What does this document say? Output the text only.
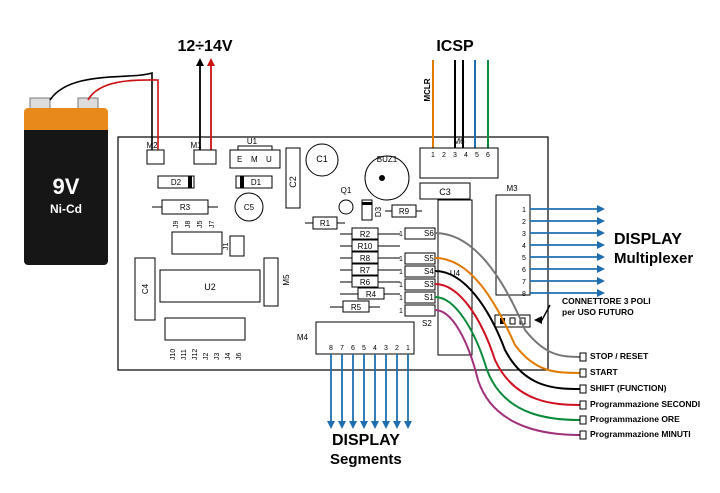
9V
Ni-Cd
12÷14V	ICSP
MCLR
M2	M1	U1
E M U
C2
C1	BUZ1
M6
1 2 3 4 5 6
C3
D2	D1
R3	C5
Q1
D3
R1
R9
R2
R10
R8
R7
R6
R4
R5
1
1
1
1
1
1
S6
S5
S4
S3
S1
S2
U4
M3
1
2
3
4
5
6
7
8
U2
C4
J9 J8 J5 J7
J1
J10 J11 J12 J2 J3 J4 J6
M5
M4
8 7 6 5 4 3 2 1
DISPLAY
Multiplexer
DISPLAY
Segments
CONNETTORE 3 POLI
per USO FUTURO
STOP / RESET
START
SHIFT (FUNCTION)
Programmazione SECONDI
Programmazione ORE
Programmazione MINUTI
